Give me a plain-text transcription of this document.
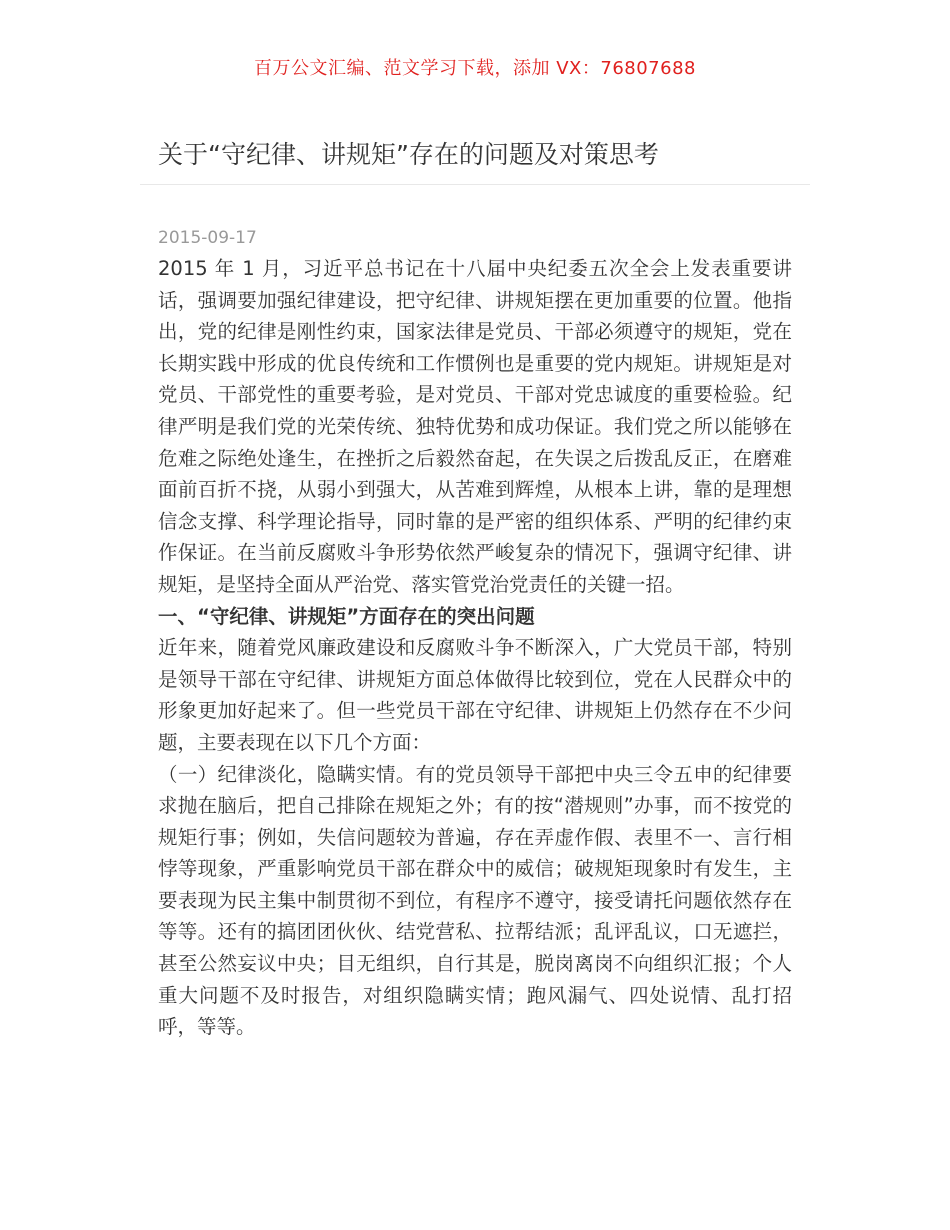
百万公文汇编、范文学习下载，添加 VX：76807688
关于“守纪律、讲规矩”存在的问题及对策思考
2015-09-17

2015 年 1 月，习近平总书记在十八届中央纪委五次全会上发表重要讲话，强调要加强纪律建设，把守纪律、讲规矩摆在更加重要的位置。他指出，党的纪律是刚性约束，国家法律是党员、干部必须遵守的规矩，党在长期实践中形成的优良传统和工作惯例也是重要的党内规矩。讲规矩是对党员、干部党性的重要考验，是对党员、干部对党忠诚度的重要检验。纪律严明是我们党的光荣传统、独特优势和成功保证。我们党之所以能够在危难之际绝处逢生，在挫折之后毅然奋起，在失误之后拨乱反正，在磨难面前百折不挠，从弱小到强大，从苦难到辉煌，从根本上讲，靠的是理想信念支撑、科学理论指导，同时靠的是严密的组织体系、严明的纪律约束作保证。在当前反腐败斗争形势依然严峻复杂的情况下，强调守纪律、讲规矩，是坚持全面从严治党、落实管党治党责任的关键一招。

一、“守纪律、讲规矩”方面存在的突出问题

近年来，随着党风廉政建设和反腐败斗争不断深入，广大党员干部，特别是领导干部在守纪律、讲规矩方面总体做得比较到位，党在人民群众中的形象更加好起来了。但一些党员干部在守纪律、讲规矩上仍然存在不少问题，主要表现在以下几个方面：

（一）纪律淡化，隐瞒实情。有的党员领导干部把中央三令五申的纪律要求抛在脑后，把自己排除在规矩之外；有的按“潜规则”办事，而不按党的规矩行事；例如，失信问题较为普遍，存在弄虚作假、表里不一、言行相悖等现象，严重影响党员干部在群众中的威信；破规矩现象时有发生，主要表现为民主集中制贯彻不到位，有程序不遵守，接受请托问题依然存在等等。还有的搞团团伙伙、结党营私、拉帮结派；乱评乱议，口无遮拦，甚至公然妄议中央；目无组织，自行其是，脱岗离岗不向组织汇报；个人重大问题不及时报告，对组织隐瞒实情；跑风漏气、四处说情、乱打招呼，等等。
